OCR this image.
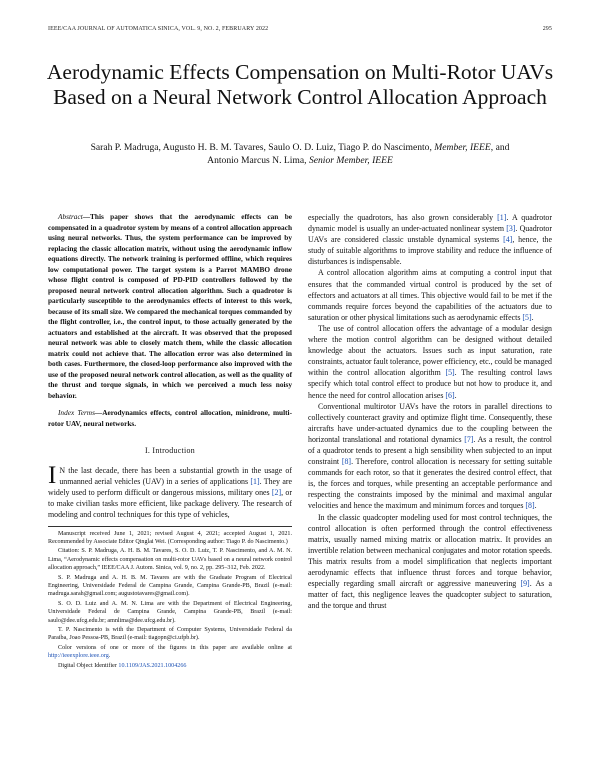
IEEE/CAA JOURNAL OF AUTOMATICA SINICA, VOL. 9, NO. 2, FEBRUARY 2022	295
Aerodynamic Effects Compensation on Multi-Rotor UAVs Based on a Neural Network Control Allocation Approach
Sarah P. Madruga, Augusto H. B. M. Tavares, Saulo O. D. Luiz, Tiago P. do Nascimento, Member, IEEE, and
Antonio Marcus N. Lima, Senior Member, IEEE

Abstract—This paper shows that the aerodynamic effects can be compensated in a quadrotor system by means of a control allocation approach using neural networks. Thus, the system performance can be improved by replacing the classic allocation matrix, without using the aerodynamic inflow equations directly. The network training is performed offline, which requires low computational power. The target system is a Parrot MAMBO drone whose flight control is composed of PD-PID controllers followed by the proposed neural network control allocation algorithm. Such a quadrotor is particularly susceptible to the aerodynamics effects of interest to this work, because of its small size. We compared the mechanical torques commanded by the flight controller, i.e., the control input, to those actually generated by the actuators and established at the aircraft. It was observed that the proposed neural network was able to closely match them, while the classic allocation matrix could not achieve that. The allocation error was also determined in both cases. Furthermore, the closed-loop performance also improved with the use of the proposed neural network control allocation, as well as the quality of the thrust and torque signals, in which we perceived a much less noisy behavior.

Index Terms—Aerodynamics effects, control allocation, minidrone, multi-rotor UAV, neural networks.

I. Introduction

I N the last decade, there has been a substantial growth in the usage of unmanned aerial vehicles (UAV) in a series of applications [1]. They are widely used to perform difficult or dangerous missions, military ones [2], or to make civilian tasks more efficient, like package delivery. The research of modeling and control techniques for this type of vehicles,

Manuscript received June 1, 2021; revised August 4, 2021; accepted August 1, 2021. Recommended by Associate Editor Qinglai Wei. (Corresponding author: Tiago P. do Nascimento.)

Citation: S. P. Madruga, A. H. B. M. Tavares, S. O. D. Luiz, T. P. Nascimento, and A. M. N. Lima, “Aerodynamic effects compensation on multi-rotor UAVs based on a neural network control allocation approach,” IEEE/CAA J. Autom. Sinica, vol. 9, no. 2, pp. 295–312, Feb. 2022.

S. P. Madruga and A. H. B. M. Tavares are with the Graduate Program of Electrical Engineering, Universidade Federal de Campina Grande, Campina Grande-PB, Brazil (e-mail: madruga.sarah@gmail.com; augustotavares@gmail.com).

S. O. D. Luiz and A. M. N. Lima are with the Department of Electrical Engineering, Universidade Federal de Campina Grande, Campina Grande-PB, Brazil (e-mail: saulo@dee.ufcg.edu.br; amnlima@dee.ufcg.edu.br).

T. P. Nascimento is with the Department of Computer Systems, Universidade Federal da Paraiba, Joao Pessoa-PB, Brazil (e-mail: tiagopn@ci.ufpb.br).

Color versions of one or more of the figures in this paper are available online at http://ieeexplore.ieee.org.

Digital Object Identifier 10.1109/JAS.2021.1004266

especially the quadrotors, has also grown considerably [1]. A quadrotor dynamic model is usually an under-actuated nonlinear system [3]. Quadrotor UAVs are considered classic unstable dynamical systems [4], hence, the study of suitable algorithms to improve stability and reduce the influence of disturbances is indispensable.

A control allocation algorithm aims at computing a control input that ensures that the commanded virtual control is produced by the set of effectors and actuators at all times. This objective would fail to be met if the commands require forces beyond the capabilities of the actuators due to saturation or other physical limitations such as aerodynamic effects [5].

The use of control allocation offers the advantage of a modular design where the motion control algorithm can be designed without detailed knowledge about the actuators. Issues such as input saturation, rate constraints, actuator fault tolerance, power efficiency, etc., could be managed within the control allocation algorithm [5]. The resulting control laws specify which total control effect to produce but not how to produce it, and hence the need for control allocation arises [6].

Conventional multirotor UAVs have the rotors in parallel directions to collectively counteract gravity and optimize flight time. Consequently, these aircrafts have under-actuated dynamics due to the coupling between the horizontal translational and rotational dynamics [7]. As a result, the control of a quadrotor tends to present a high sensibility when subjected to an input constraint [8]. Therefore, control allocation is necessary for setting suitable commands for each rotor, so that it generates the desired control effect, that is, the forces and torques, while presenting an acceptable performance and respecting the constraints imposed by the minimal and maximal angular velocities and hence the maximum and minimum forces and torques [8].

In the classic quadcopter modeling used for most control techniques, the control allocation is often performed through the control effectiveness matrix, usually named mixing matrix or allocation matrix. It provides an invertible relation between mechanical conjugates and motor rotation speeds. This matrix results from a model simplification that neglects important aerodynamic effects that influence thrust forces and torque behavior, especially regarding small aircraft or aggressive maneuvering [9]. As a matter of fact, this negligence leaves the quadcopter subject to saturation, and the torque and thrust
